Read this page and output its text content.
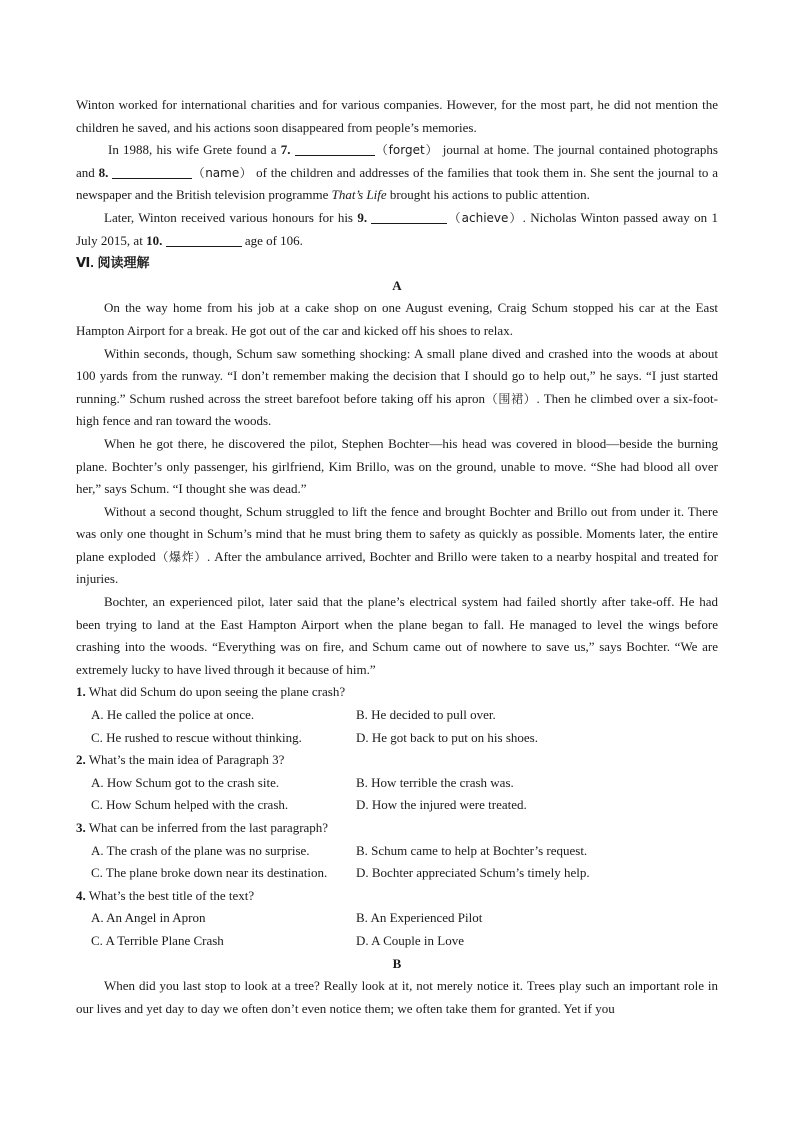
Winton worked for international charities and for various companies. However, for the most part, he did not mention the children he saved, and his actions soon disappeared from people’s memories.

In 1988, his wife Grete found a 7.	（forget） journal at home. The journal contained photographs and 8.	（name） of the children and addresses of the families that took them in. She sent the journal to a newspaper and the British television programme That’s Life brought his actions to public attention.

Later, Winton received various honours for his 9.	（achieve）. Nicholas Winton passed away on 1 July 2015, at 10.	age of 106.

Ⅵ. 阅读理解

A

On the way home from his job at a cake shop on one August evening, Craig Schum stopped his car at the East Hampton Airport for a break. He got out of the car and kicked off his shoes to relax.

Within seconds, though, Schum saw something shocking: A small plane dived and crashed into the woods at about 100 yards from the runway. “I don’t remember making the decision that I should go to help out,” he says. “I just started running.” Schum rushed across the street barefoot before taking off his apron（围裙）. Then he climbed over a six-foot-high fence and ran toward the woods.

When he got there, he discovered the pilot, Stephen Bochter—his head was covered in blood—beside the burning plane. Bochter’s only passenger, his girlfriend, Kim Brillo, was on the ground, unable to move. “She had blood all over her,” says Schum. “I thought she was dead.”

Without a second thought, Schum struggled to lift the fence and brought Bochter and Brillo out from under it. There was only one thought in Schum’s mind that he must bring them to safety as quickly as possible. Moments later, the entire plane exploded（爆炸）. After the ambulance arrived, Bochter and Brillo were taken to a nearby hospital and treated for injuries.

Bochter, an experienced pilot, later said that the plane’s electrical system had failed shortly after take-off. He had been trying to land at the East Hampton Airport when the plane began to fall. He managed to level the wings before crashing into the woods. “Everything was on fire, and Schum came out of nowhere to save us,” says Bochter. “We are extremely lucky to have lived through it because of him.”

1. What did Schum do upon seeing the plane crash?

A. He called the police at once.	B. He decided to pull over.
C. He rushed to rescue without thinking.	D. He got back to put on his shoes.

2. What’s the main idea of Paragraph 3?

A. How Schum got to the crash site.	B. How terrible the crash was.
C. How Schum helped with the crash.	D. How the injured were treated.

3. What can be inferred from the last paragraph?

A. The crash of the plane was no surprise.	B. Schum came to help at Bochter’s request.
C. The plane broke down near its destination.	D. Bochter appreciated Schum’s timely help.

4. What’s the best title of the text?

A. An Angel in Apron	B. An Experienced Pilot
C. A Terrible Plane Crash	D. A Couple in Love

B

When did you last stop to look at a tree? Really look at it, not merely notice it. Trees play such an important role in our lives and yet day to day we often don’t even notice them; we often take them for granted. Yet if you
